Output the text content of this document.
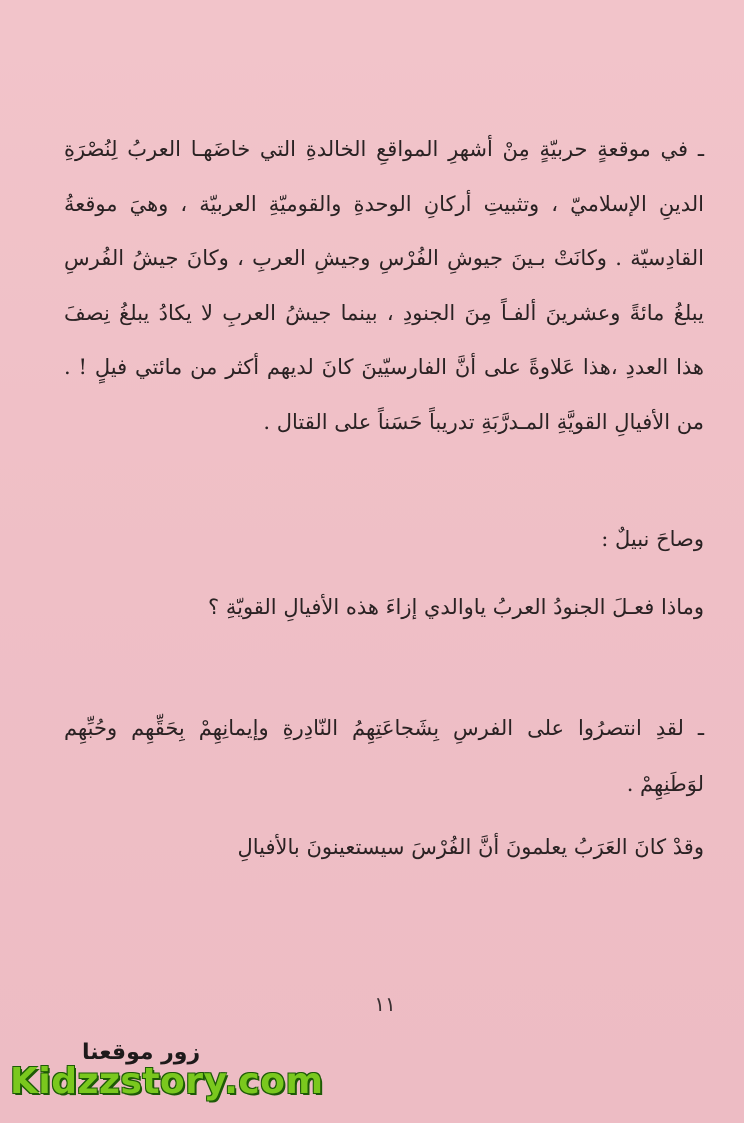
ـ في موقعةٍ حربيّةٍ مِنْ أشهرِ المواقعِ الخالدةِ التي خاضَهـا العربُ لِنُصْرَةِ الدينِ الإسلاميّ ، وتثبيتِ أركانِ الوحدةِ والقوميّةِ العربيّة ، وهيَ موقعةُ القادِسيّة . وكانَتْ بـينَ جيوشِ الفُرْسِ وجيشِ العربِ ، وكانَ جيشُ الفُرسِ يبلغُ مائةً وعشرينَ ألفـاً مِنَ الجنودِ ، بينما جيشُ العربِ لا يكادُ يبلغُ نِصفَ هذا العددِ ،هذا عَلاوةً على أنَّ الفارسيّينَ كانَ لديهم أكثر من مائتي فيلٍ ! . من الأفيالِ القويَّةِ المـدرَّبَةِ تدريباً حَسَناً على القتال .

وصاحَ نبيلٌ :

وماذا فعـلَ الجنودُ العربُ ياوالدي إزاءَ هذه الأفيالِ القويّةِ ؟

ـ لقدِ انتصرُوا على الفرسِ بِشَجاعَتِهِمُ النّادِرةِ وإيمانِهِمْ بِحَقِّهِم وحُبِّهِم لوَطَنِهِمْ .

وقدْ كانَ العَرَبُ يعلمونَ أنَّ الفُرْسَ سيستعينونَ بالأفيالِ

١١
زور موقعنا
Kidzzstory.com
